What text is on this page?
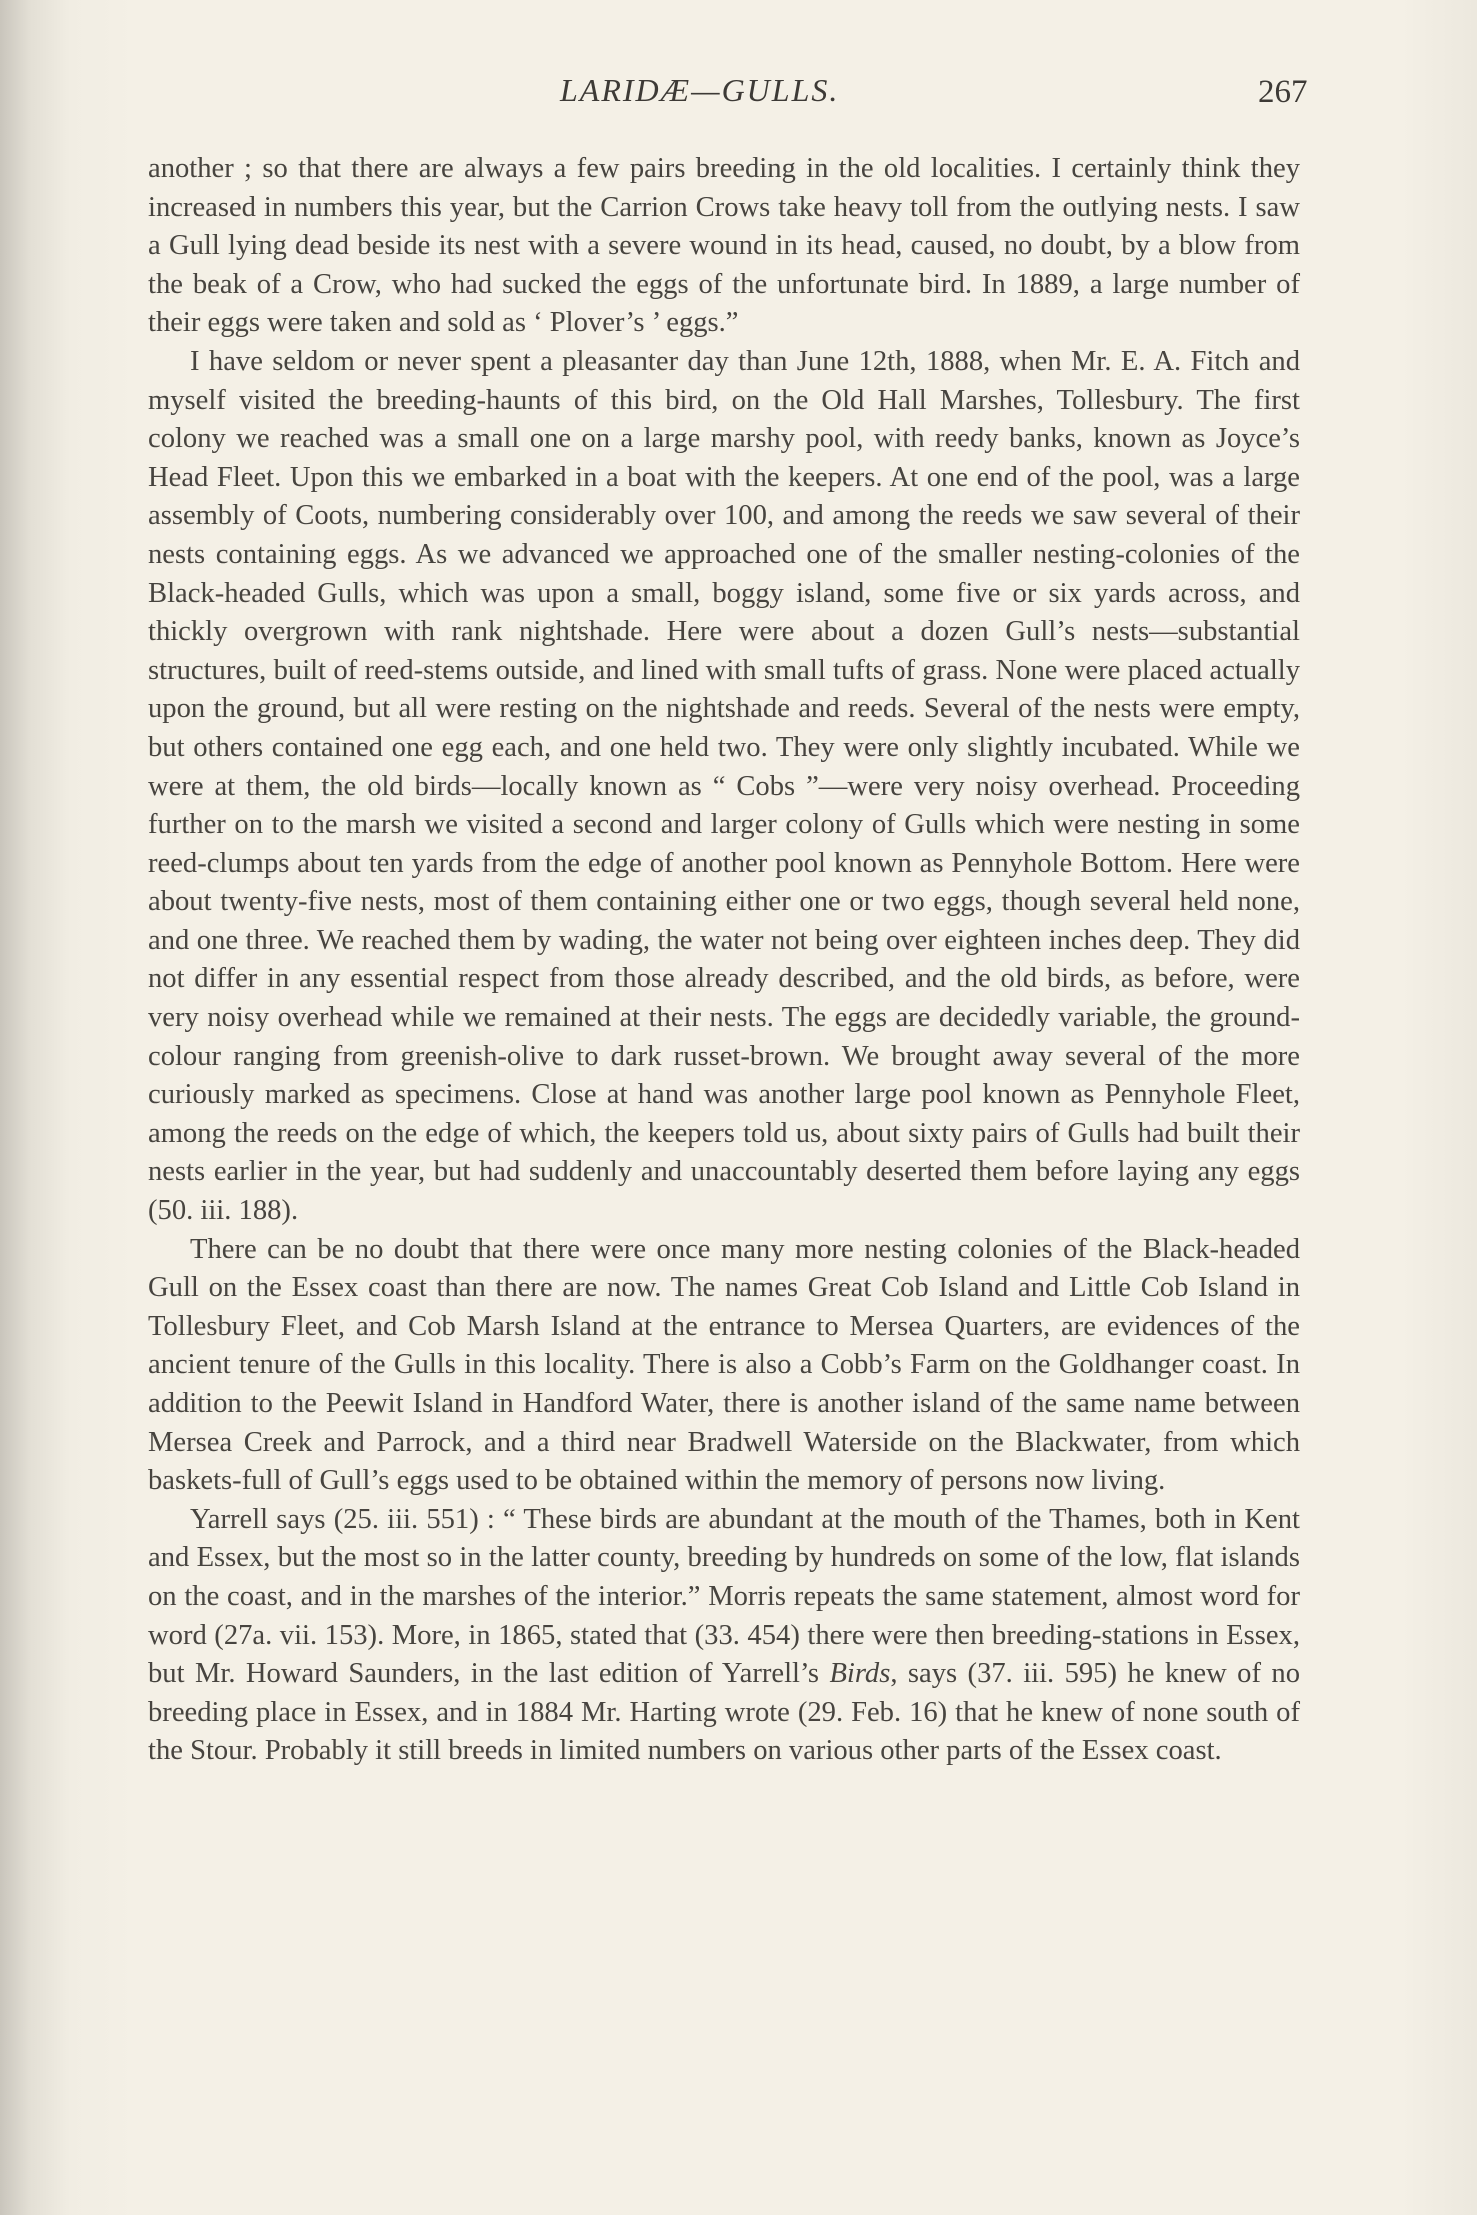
LARIDÆ—GULLS.	267

another ; so that there are always a few pairs breeding in the old localities. I certainly think they increased in numbers this year, but the Carrion Crows take heavy toll from the outlying nests. I saw a Gull lying dead beside its nest with a severe wound in its head, caused, no doubt, by a blow from the beak of a Crow, who had sucked the eggs of the unfortunate bird. In 1889, a large number of their eggs were taken and sold as ‘ Plover’s ’ eggs.”

I have seldom or never spent a pleasanter day than June 12th, 1888, when Mr. E. A. Fitch and myself visited the breeding-haunts of this bird, on the Old Hall Marshes, Tollesbury. The first colony we reached was a small one on a large marshy pool, with reedy banks, known as Joyce’s Head Fleet. Upon this we embarked in a boat with the keepers. At one end of the pool, was a large assembly of Coots, numbering considerably over 100, and among the reeds we saw several of their nests containing eggs. As we advanced we approached one of the smaller nesting-colonies of the Black-headed Gulls, which was upon a small, boggy island, some five or six yards across, and thickly overgrown with rank nightshade. Here were about a dozen Gull’s nests—substantial structures, built of reed-stems outside, and lined with small tufts of grass. None were placed actually upon the ground, but all were resting on the nightshade and reeds. Several of the nests were empty, but others contained one egg each, and one held two. They were only slightly incubated. While we were at them, the old birds—locally known as “ Cobs ”—were very noisy overhead. Proceeding further on to the marsh we visited a second and larger colony of Gulls which were nesting in some reed-clumps about ten yards from the edge of another pool known as Pennyhole Bottom. Here were about twenty-five nests, most of them containing either one or two eggs, though several held none, and one three. We reached them by wading, the water not being over eighteen inches deep. They did not differ in any essential respect from those already described, and the old birds, as before, were very noisy overhead while we remained at their nests. The eggs are decidedly variable, the ground-colour ranging from greenish-olive to dark russet-brown. We brought away several of the more curiously marked as specimens. Close at hand was another large pool known as Pennyhole Fleet, among the reeds on the edge of which, the keepers told us, about sixty pairs of Gulls had built their nests earlier in the year, but had suddenly and unaccountably deserted them before laying any eggs (50. iii. 188).

There can be no doubt that there were once many more nesting colonies of the Black-headed Gull on the Essex coast than there are now. The names Great Cob Island and Little Cob Island in Tollesbury Fleet, and Cob Marsh Island at the entrance to Mersea Quarters, are evidences of the ancient tenure of the Gulls in this locality. There is also a Cobb’s Farm on the Goldhanger coast. In addition to the Peewit Island in Handford Water, there is another island of the same name between Mersea Creek and Parrock, and a third near Bradwell Waterside on the Blackwater, from which baskets-full of Gull’s eggs used to be obtained within the memory of persons now living.

Yarrell says (25. iii. 551) : “ These birds are abundant at the mouth of the Thames, both in Kent and Essex, but the most so in the latter county, breeding by hundreds on some of the low, flat islands on the coast, and in the marshes of the interior.” Morris repeats the same statement, almost word for word (27a. vii. 153). More, in 1865, stated that (33. 454) there were then breeding-stations in Essex, but Mr. Howard Saunders, in the last edition of Yarrell’s Birds, says (37. iii. 595) he knew of no breeding place in Essex, and in 1884 Mr. Harting wrote (29. Feb. 16) that he knew of none south of the Stour. Probably it still breeds in limited numbers on various other parts of the Essex coast.
